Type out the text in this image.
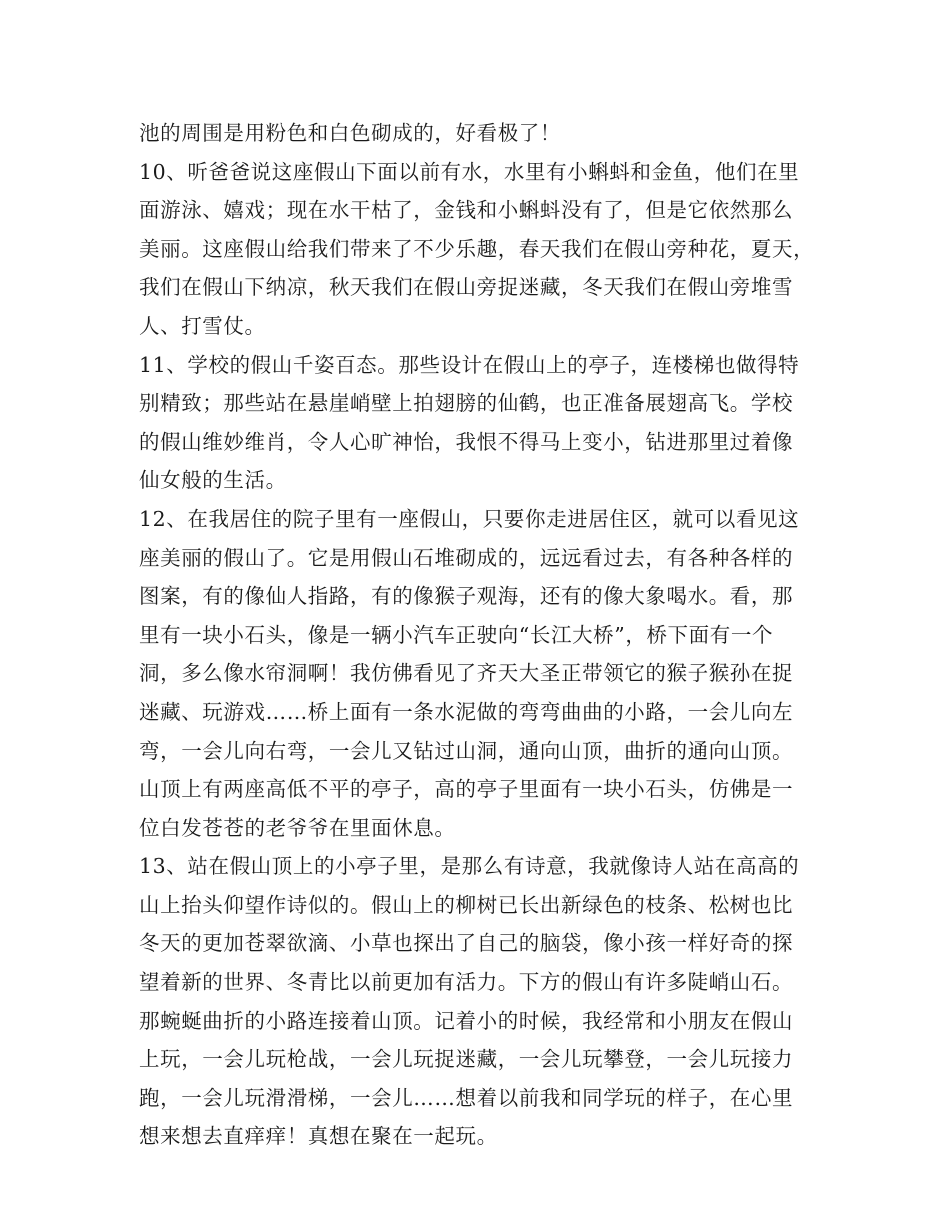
池的周围是用粉色和白色砌成的，好看极了！
10、听爸爸说这座假山下面以前有水，水里有小蝌蚪和金鱼，他们在里
面游泳、嬉戏；现在水干枯了，金钱和小蝌蚪没有了，但是它依然那么
美丽。这座假山给我们带来了不少乐趣，春天我们在假山旁种花，夏天，
我们在假山下纳凉，秋天我们在假山旁捉迷藏，冬天我们在假山旁堆雪
人、打雪仗。
11、学校的假山千姿百态。那些设计在假山上的亭子，连楼梯也做得特
别精致；那些站在悬崖峭壁上拍翅膀的仙鹤，也正准备展翅高飞。学校
的假山维妙维肖，令人心旷神怡，我恨不得马上变小，钻进那里过着像
仙女般的生活。
12、在我居住的院子里有一座假山，只要你走进居住区，就可以看见这
座美丽的假山了。它是用假山石堆砌成的，远远看过去，有各种各样的
图案，有的像仙人指路，有的像猴子观海，还有的像大象喝水。看，那
里有一块小石头，像是一辆小汽车正驶向“长江大桥”，桥下面有一个
洞，多么像水帘洞啊！我仿佛看见了齐天大圣正带领它的猴子猴孙在捉
迷藏、玩游戏……桥上面有一条水泥做的弯弯曲曲的小路，一会儿向左
弯，一会儿向右弯，一会儿又钻过山洞，通向山顶，曲折的通向山顶。
山顶上有两座高低不平的亭子，高的亭子里面有一块小石头，仿佛是一
位白发苍苍的老爷爷在里面休息。
13、站在假山顶上的小亭子里，是那么有诗意，我就像诗人站在高高的
山上抬头仰望作诗似的。假山上的柳树已长出新绿色的枝条、松树也比
冬天的更加苍翠欲滴、小草也探出了自己的脑袋，像小孩一样好奇的探
望着新的世界、冬青比以前更加有活力。下方的假山有许多陡峭山石。
那蜿蜒曲折的小路连接着山顶。记着小的时候，我经常和小朋友在假山
上玩，一会儿玩枪战，一会儿玩捉迷藏，一会儿玩攀登，一会儿玩接力
跑，一会儿玩滑滑梯，一会儿……想着以前我和同学玩的样子，在心里
想来想去直痒痒！真想在聚在一起玩。
